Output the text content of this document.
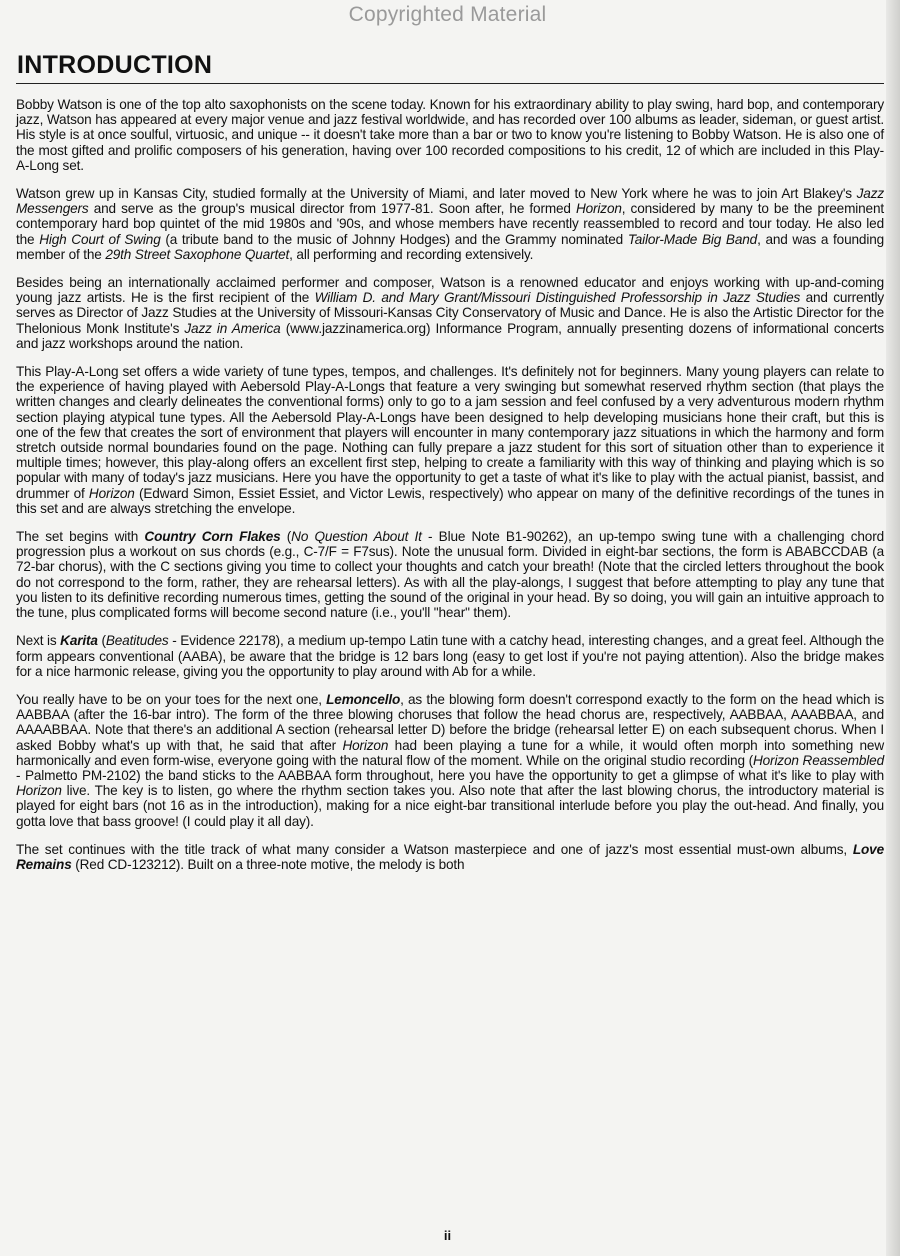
Copyrighted Material
INTRODUCTION

Bobby Watson is one of the top alto saxophonists on the scene today. Known for his extraordinary ability to play swing, hard bop, and contemporary jazz, Watson has appeared at every major venue and jazz festival worldwide, and has recorded over 100 albums as leader, sideman, or guest artist. His style is at once soulful, virtuosic, and unique -- it doesn't take more than a bar or two to know you're listening to Bobby Watson. He is also one of the most gifted and prolific composers of his generation, having over 100 recorded compositions to his credit, 12 of which are included in this Play-A-Long set.

Watson grew up in Kansas City, studied formally at the University of Miami, and later moved to New York where he was to join Art Blakey's Jazz Messengers and serve as the group's musical director from 1977-81. Soon after, he formed Horizon, considered by many to be the preeminent contemporary hard bop quintet of the mid 1980s and '90s, and whose members have recently reassembled to record and tour today. He also led the High Court of Swing (a tribute band to the music of Johnny Hodges) and the Grammy nominated Tailor-Made Big Band, and was a founding member of the 29th Street Saxophone Quartet, all performing and recording extensively.

Besides being an internationally acclaimed performer and composer, Watson is a renowned educator and enjoys working with up-and-coming young jazz artists. He is the first recipient of the William D. and Mary Grant/Missouri Distinguished Professorship in Jazz Studies and currently serves as Director of Jazz Studies at the University of Missouri-Kansas City Conservatory of Music and Dance. He is also the Artistic Director for the Thelonious Monk Institute's Jazz in America (www.jazzinamerica.org) Informance Program, annually presenting dozens of informational concerts and jazz workshops around the nation.

This Play-A-Long set offers a wide variety of tune types, tempos, and challenges. It's definitely not for beginners. Many young players can relate to the experience of having played with Aebersold Play-A-Longs that feature a very swinging but somewhat reserved rhythm section (that plays the written changes and clearly delineates the conventional forms) only to go to a jam session and feel confused by a very adventurous modern rhythm section playing atypical tune types. All the Aebersold Play-A-Longs have been designed to help developing musicians hone their craft, but this is one of the few that creates the sort of environment that players will encounter in many contemporary jazz situations in which the harmony and form stretch outside normal boundaries found on the page. Nothing can fully prepare a jazz student for this sort of situation other than to experience it multiple times; however, this play-along offers an excellent first step, helping to create a familiarity with this way of thinking and playing which is so popular with many of today's jazz musicians. Here you have the opportunity to get a taste of what it's like to play with the actual pianist, bassist, and drummer of Horizon (Edward Simon, Essiet Essiet, and Victor Lewis, respectively) who appear on many of the definitive recordings of the tunes in this set and are always stretching the envelope.

The set begins with Country Corn Flakes (No Question About It - Blue Note B1-90262), an up-tempo swing tune with a challenging chord progression plus a workout on sus chords (e.g., C-7/F = F7sus). Note the unusual form. Divided in eight-bar sections, the form is ABABCCDAB (a 72-bar chorus), with the C sections giving you time to collect your thoughts and catch your breath! (Note that the circled letters throughout the book do not correspond to the form, rather, they are rehearsal letters). As with all the play-alongs, I suggest that before attempting to play any tune that you listen to its definitive recording numerous times, getting the sound of the original in your head. By so doing, you will gain an intuitive approach to the tune, plus complicated forms will become second nature (i.e., you'll "hear" them).

Next is Karita (Beatitudes - Evidence 22178), a medium up-tempo Latin tune with a catchy head, interesting changes, and a great feel. Although the form appears conventional (AABA), be aware that the bridge is 12 bars long (easy to get lost if you're not paying attention). Also the bridge makes for a nice harmonic release, giving you the opportunity to play around with Ab for a while.

You really have to be on your toes for the next one, Lemoncello, as the blowing form doesn't correspond exactly to the form on the head which is AABBAA (after the 16-bar intro). The form of the three blowing choruses that follow the head chorus are, respectively, AABBAA, AAABBAA, and AAAABBAA. Note that there's an additional A section (rehearsal letter D) before the bridge (rehearsal letter E) on each subsequent chorus. When I asked Bobby what's up with that, he said that after Horizon had been playing a tune for a while, it would often morph into something new harmonically and even form-wise, everyone going with the natural flow of the moment. While on the original studio recording (Horizon Reassembled - Palmetto PM-2102) the band sticks to the AABBAA form throughout, here you have the opportunity to get a glimpse of what it's like to play with Horizon live. The key is to listen, go where the rhythm section takes you. Also note that after the last blowing chorus, the introductory material is played for eight bars (not 16 as in the introduction), making for a nice eight-bar transitional interlude before you play the out-head. And finally, you gotta love that bass groove! (I could play it all day).

The set continues with the title track of what many consider a Watson masterpiece and one of jazz's most essential must-own albums, Love Remains (Red CD-123212). Built on a three-note motive, the melody is both

ii
